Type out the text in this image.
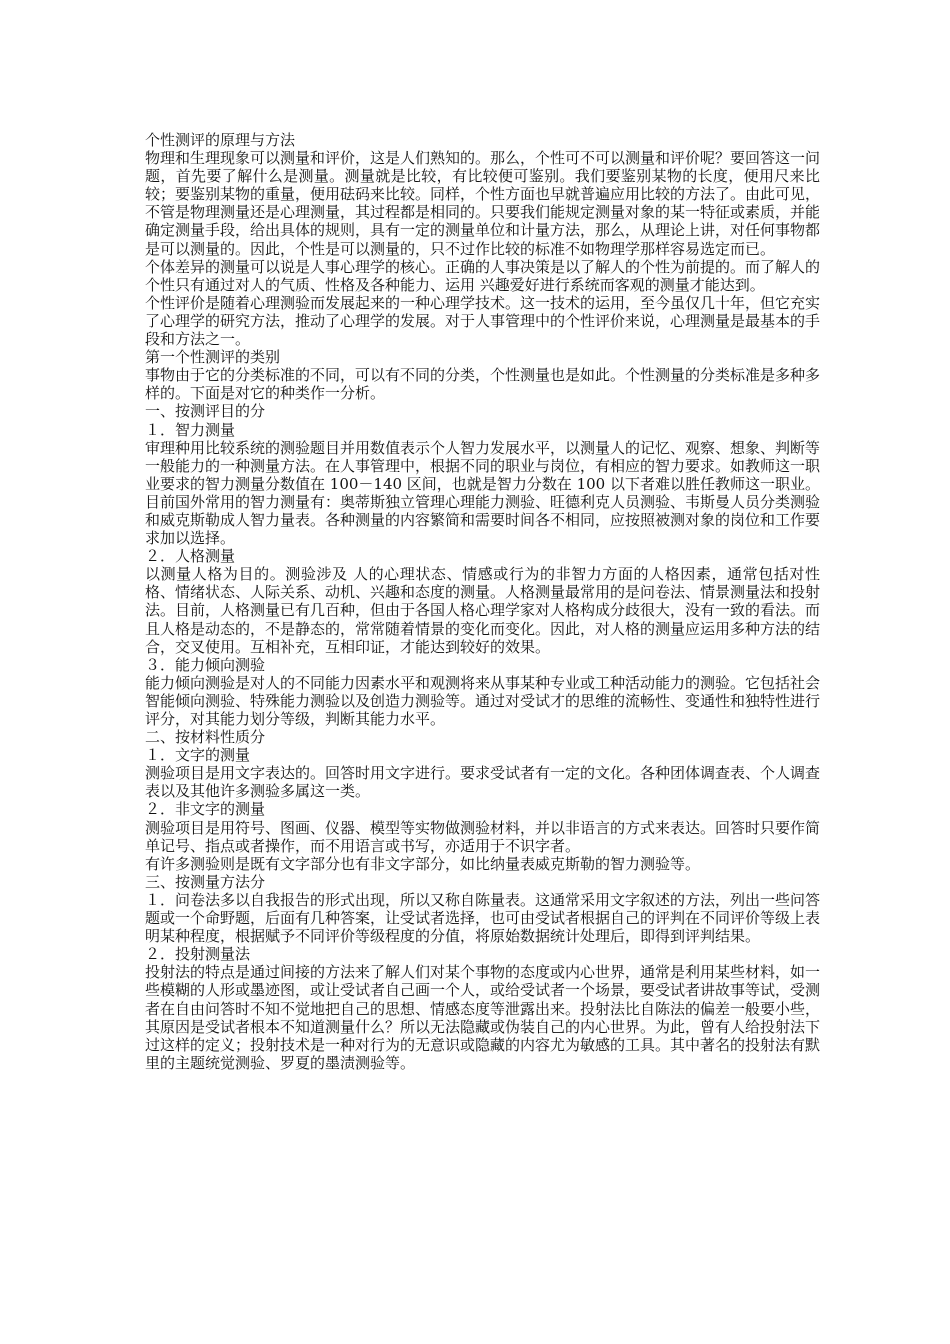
个性测评的原理与方法

物理和生理现象可以测量和评价，这是人们熟知的。那么，个性可不可以测量和评价呢？要回答这一问题，首先要了解什么是测量。测量就是比较，有比较便可鉴别。我们要鉴别某物的长度，便用尺来比较；要鉴别某物的重量，便用砝码来比较。同样，个性方面也早就普遍应用比较的方法了。由此可见，不管是物理测量还是心理测量，其过程都是相同的。只要我们能规定测量对象的某一特征或素质，并能确定测量手段，给出具体的规则，具有一定的测量单位和计量方法，那么，从理论上讲，对任何事物都是可以测量的。因此，个性是可以测量的，只不过作比较的标准不如物理学那样容易选定而已。

个体差异的测量可以说是人事心理学的核心。正确的人事决策是以了解人的个性为前提的。而了解人的个性只有通过对人的气质、性格及各种能力、运用 兴趣爱好进行系统而客观的测量才能达到。

个性评价是随着心理测验而发展起来的一种心理学技术。这一技术的运用，至今虽仅几十年，但它充实了心理学的研究方法，推动了心理学的发展。对于人事管理中的个性评价来说，心理测量是最基本的手段和方法之一。

第一个性测评的类别

事物由于它的分类标准的不同，可以有不同的分类，个性测量也是如此。个性测量的分类标准是多种多样的。下面是对它的种类作一分析。

一、按测评目的分

１．智力测量

审理种用比较系统的测验题目并用数值表示个人智力发展水平，以测量人的记忆、观察、想象、判断等一般能力的一种测量方法。在人事管理中，根据不同的职业与岗位，有相应的智力要求。如教师这一职业要求的智力测量分数值在 100－140 区间，也就是智力分数在 100 以下者难以胜任教师这一职业。目前国外常用的智力测量有：奥蒂斯独立管理心理能力测验、旺德利克人员测验、韦斯曼人员分类测验和威克斯勒成人智力量表。各种测量的内容繁简和需要时间各不相同，应按照被测对象的岗位和工作要求加以选择。

２．人格测量

以测量人格为目的。测验涉及 人的心理状态、情感或行为的非智力方面的人格因素，通常包括对性格、情绪状态、人际关系、动机、兴趣和态度的测量。人格测量最常用的是问卷法、情景测量法和投射法。目前，人格测量已有几百种，但由于各国人格心理学家对人格构成分歧很大，没有一致的看法。而且人格是动态的，不是静态的，常常随着情景的变化而变化。因此，对人格的测量应运用多种方法的结合，交叉使用。互相补充，互相印证，才能达到较好的效果。

３．能力倾向测验

能力倾向测验是对人的不同能力因素水平和观测将来从事某种专业或工种活动能力的测验。它包括社会智能倾向测验、特殊能力测验以及创造力测验等。通过对受试才的思维的流畅性、变通性和独特性进行评分，对其能力划分等级，判断其能力水平。

二、按材料性质分

１．文字的测量

测验项目是用文字表达的。回答时用文字进行。要求受试者有一定的文化。各种团体调查表、个人调查表以及其他许多测验多属这一类。

２．非文字的测量

测验项目是用符号、图画、仪器、模型等实物做测验材料，并以非语言的方式来表达。回答时只要作简单记号、指点或者操作，而不用语言或书写，亦适用于不识字者。

有许多测验则是既有文字部分也有非文字部分，如比纳量表威克斯勒的智力测验等。

三、按测量方法分

１．问卷法多以自我报告的形式出现，所以又称自陈量表。这通常采用文字叙述的方法，列出一些问答题或一个命野题，后面有几种答案，让受试者选择，也可由受试者根据自己的评判在不同评价等级上表明某种程度，根据赋予不同评价等级程度的分值，将原始数据统计处理后，即得到评判结果。

２．投射测量法

投射法的特点是通过间接的方法来了解人们对某个事物的态度或内心世界，通常是利用某些材料，如一些模糊的人形或墨迹图，或让受试者自己画一个人，或给受试者一个场景，要受试者讲故事等试，受测者在自由问答时不知不觉地把自己的思想、情感态度等泄露出来。投射法比自陈法的偏差一般要小些，其原因是受试者根本不知道测量什么？所以无法隐藏或伪装自己的内心世界。为此，曾有人给投射法下过这样的定义；投射技术是一种对行为的无意识或隐藏的内容尤为敏感的工具。其中著名的投射法有默里的主题统觉测验、罗夏的墨渍测验等。
